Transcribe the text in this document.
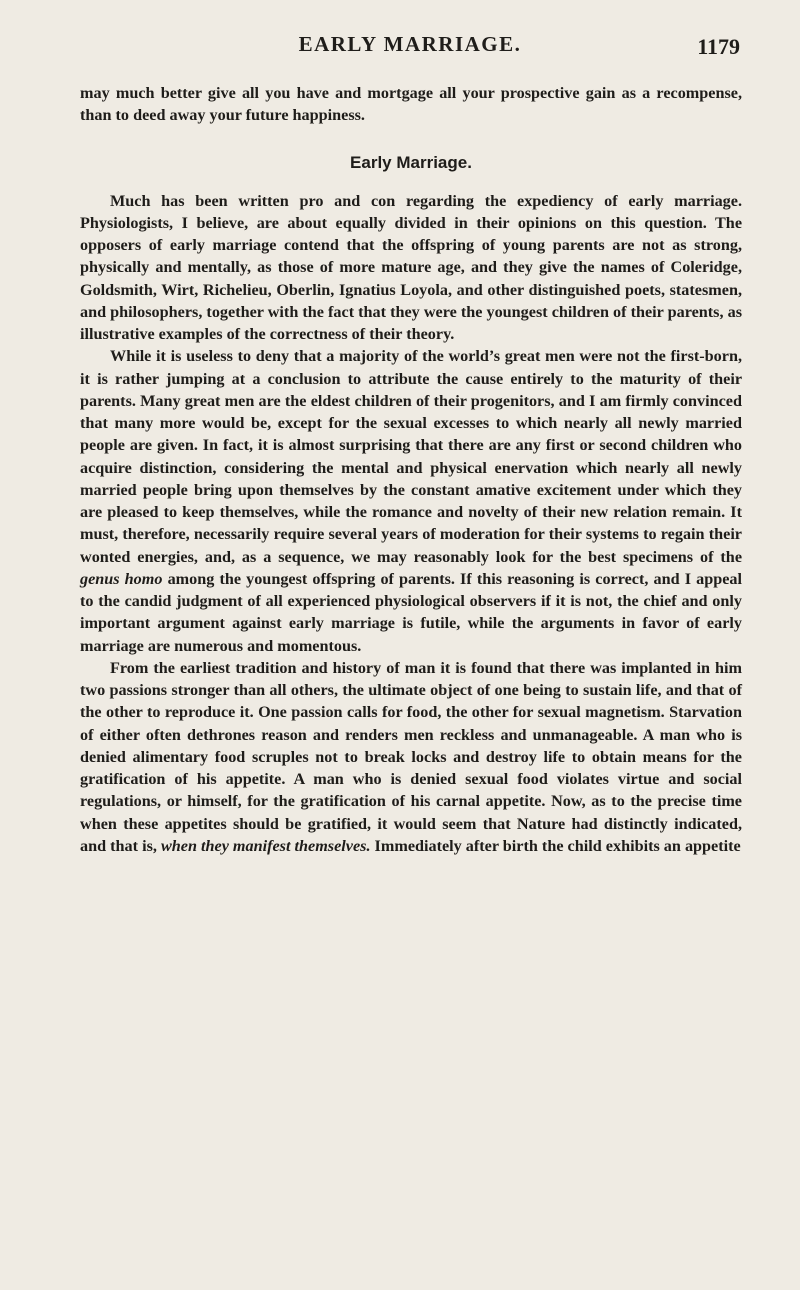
EARLY MARRIAGE.	1179

may much better give all you have and mortgage all your prospective gain as a recompense, than to deed away your future happiness.

Early Marriage.

Much has been written pro and con regarding the expediency of early marriage. Physiologists, I believe, are about equally divided in their opinions on this question. The opposers of early marriage contend that the offspring of young parents are not as strong, physically and mentally, as those of more mature age, and they give the names of Coleridge, Goldsmith, Wirt, Richelieu, Oberlin, Ignatius Loyola, and other distinguished poets, statesmen, and philosophers, together with the fact that they were the youngest children of their parents, as illustrative examples of the correctness of their theory.

While it is useless to deny that a majority of the world’s great men were not the first-born, it is rather jumping at a conclusion to attribute the cause entirely to the maturity of their parents. Many great men are the eldest children of their progenitors, and I am firmly convinced that many more would be, except for the sexual excesses to which nearly all newly married people are given. In fact, it is almost surprising that there are any first or second children who acquire distinction, considering the mental and physical enervation which nearly all newly married people bring upon themselves by the constant amative excitement under which they are pleased to keep themselves, while the romance and novelty of their new relation remain. It must, therefore, necessarily require several years of moderation for their systems to regain their wonted energies, and, as a sequence, we may reasonably look for the best specimens of the genus homo among the youngest offspring of parents. If this reasoning is correct, and I appeal to the candid judgment of all experienced physiological observers if it is not, the chief and only important argument against early marriage is futile, while the arguments in favor of early marriage are numerous and momentous.

From the earliest tradition and history of man it is found that there was implanted in him two passions stronger than all others, the ultimate object of one being to sustain life, and that of the other to reproduce it. One passion calls for food, the other for sexual magnetism. Starvation of either often dethrones reason and renders men reckless and unmanageable. A man who is denied alimentary food scruples not to break locks and destroy life to obtain means for the gratification of his appetite. A man who is denied sexual food violates virtue and social regulations, or himself, for the gratification of his carnal appetite. Now, as to the precise time when these appetites should be gratified, it would seem that Nature had distinctly indicated, and that is, when they manifest themselves. Immediately after birth the child exhibits an appetite
